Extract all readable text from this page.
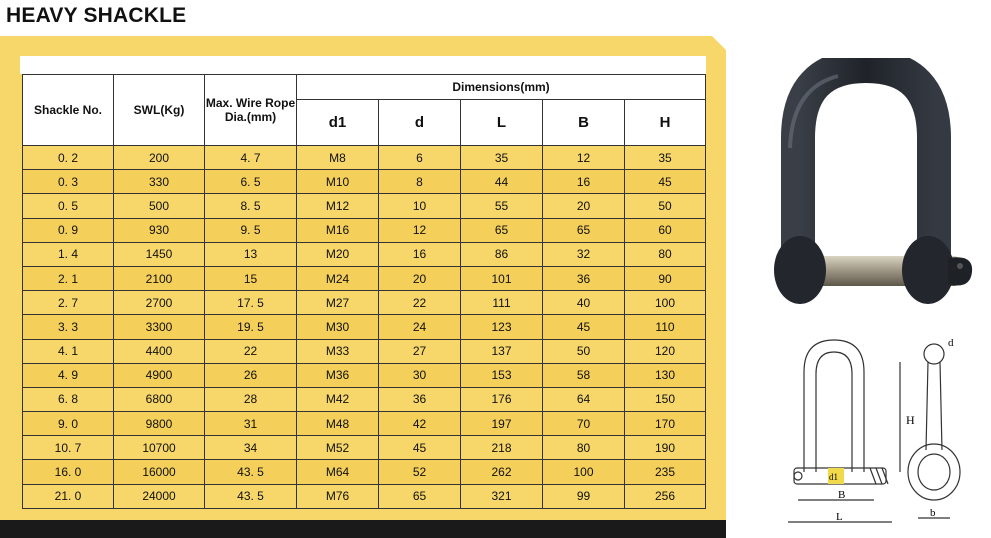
HEAVY SHACKLE
Shackle No.	SWL(Kg)	Max. Wire Rope Dia.(mm)	Dimensions(mm)				
			d1	d	L	B	H
0. 2	200	4. 7	M8	6	35	12	35
0. 3	330	6. 5	M10	8	44	16	45
0. 5	500	8. 5	M12	10	55	20	50
0. 9	930	9. 5	M16	12	65	65	60
1. 4	1450	13	M20	16	86	32	80
2. 1	2100	15	M24	20	101	36	90
2. 7	2700	17. 5	M27	22	111	40	100
3. 3	3300	19. 5	M30	24	123	45	110
4. 1	4400	22	M33	27	137	50	120
4. 9	4900	26	M36	30	153	58	130
6. 8	6800	28	M42	36	176	64	150
9. 0	9800	31	M48	42	197	70	170
10. 7	10700	34	M52	45	218	80	190
16. 0	16000	43. 5	M64	52	262	100	235
21. 0	24000	43. 5	M76	65	321	99	256
H
d
d1
B
L	b
